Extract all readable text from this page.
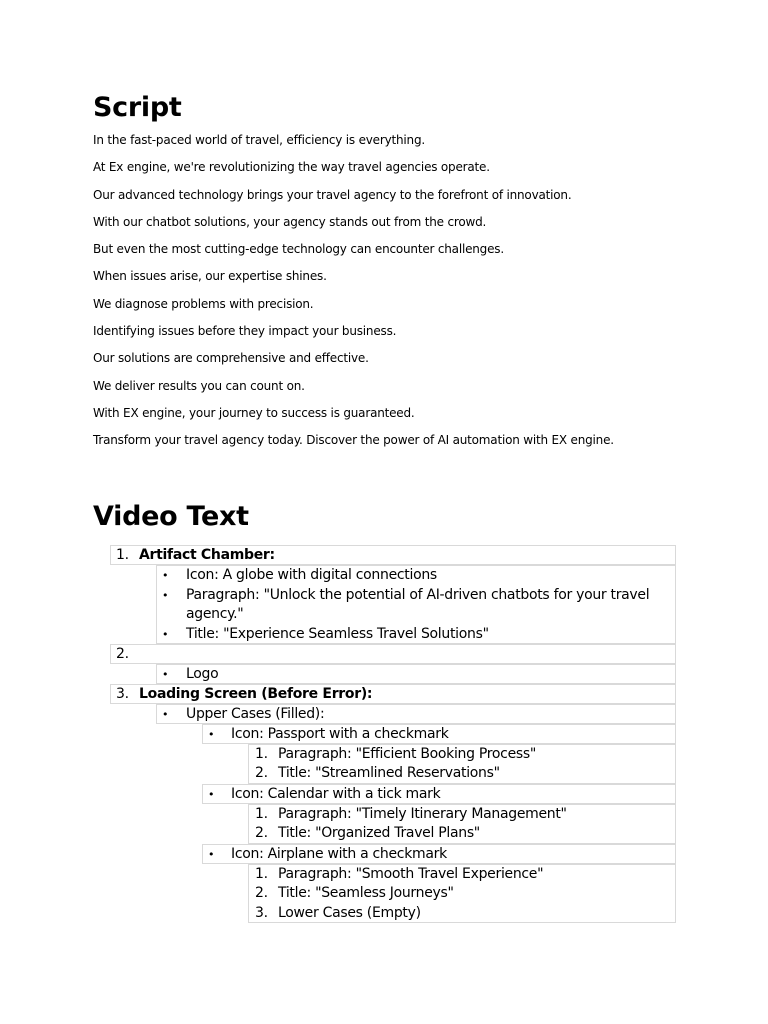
Script
In the fast-paced world of travel, efficiency is everything.
At Ex engine, we're revolutionizing the way travel agencies operate.
Our advanced technology brings your travel agency to the forefront of innovation.
With our chatbot solutions, your agency stands out from the crowd.
But even the most cutting-edge technology can encounter challenges.
When issues arise, our expertise shines.
We diagnose problems with precision.
Identifying issues before they impact your business.
Our solutions are comprehensive and effective.
We deliver results you can count on.
With EX engine, your journey to success is guaranteed.
Transform your travel agency today. Discover the power of AI automation with EX engine.
Video Text
1. Artifact Chamber:
• Icon: A globe with digital connections
• Paragraph: "Unlock the potential of AI-driven chatbots for your travel
agency."
• Title: "Experience Seamless Travel Solutions"
2.
• Logo
3. Loading Screen (Before Error):
• Upper Cases (Filled):
• Icon: Passport with a checkmark
1. Paragraph: "Efficient Booking Process"
2. Title: "Streamlined Reservations"
• Icon: Calendar with a tick mark
1. Paragraph: "Timely Itinerary Management"
2. Title: "Organized Travel Plans"
• Icon: Airplane with a checkmark
1. Paragraph: "Smooth Travel Experience"
2. Title: "Seamless Journeys"
3. Lower Cases (Empty)
